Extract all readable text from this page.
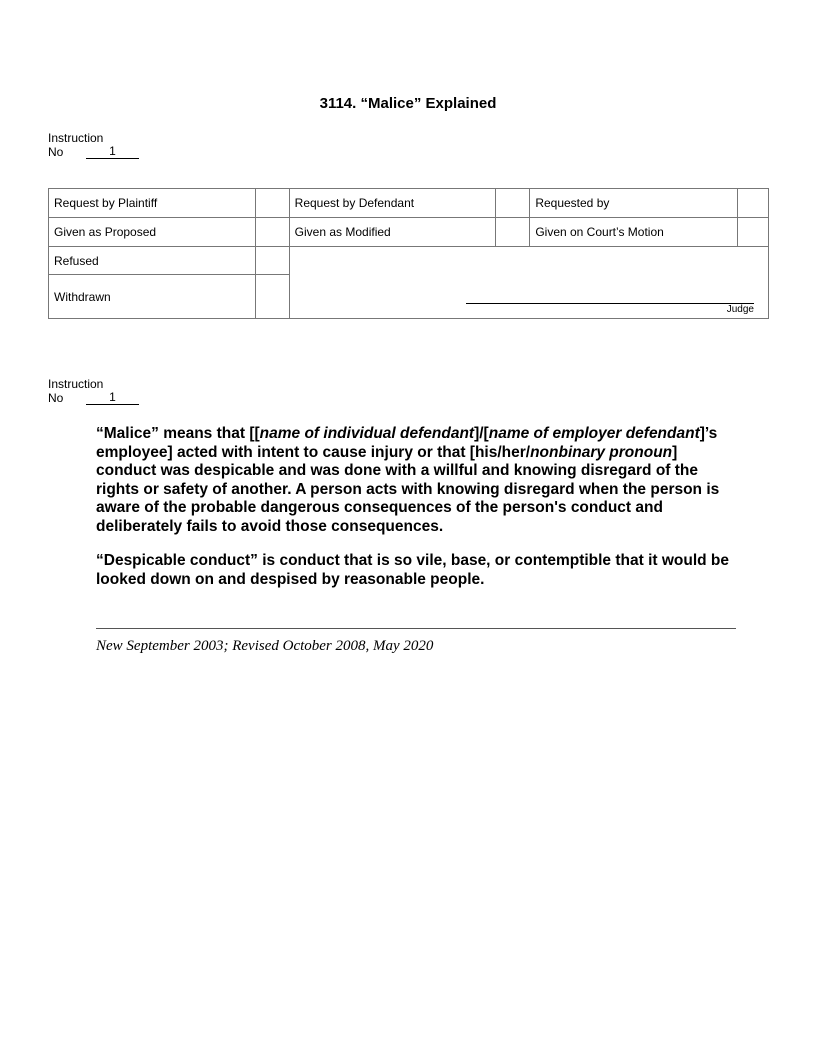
3114. “Malice” Explained
Instruction
No	1
Request by Plaintiff		Request by Defendant		Requested by	
Given as Proposed		Given as Modified		Given on Court’s Motion	
Refused		Judge			

Withdrawn					
Instruction
No	1

“Malice” means that [[name of individual defendant]/[name of employer defendant]’s employee] acted with intent to cause injury or that [his/her/nonbinary pronoun] conduct was despicable and was done with a willful and knowing disregard of the rights or safety of another. A person acts with knowing disregard when the person is aware of the probable dangerous consequences of the person's conduct and deliberately fails to avoid those consequences.

“Despicable conduct” is conduct that is so vile, base, or contemptible that it would be looked down on and despised by reasonable people.

New September 2003; Revised October 2008, May 2020
